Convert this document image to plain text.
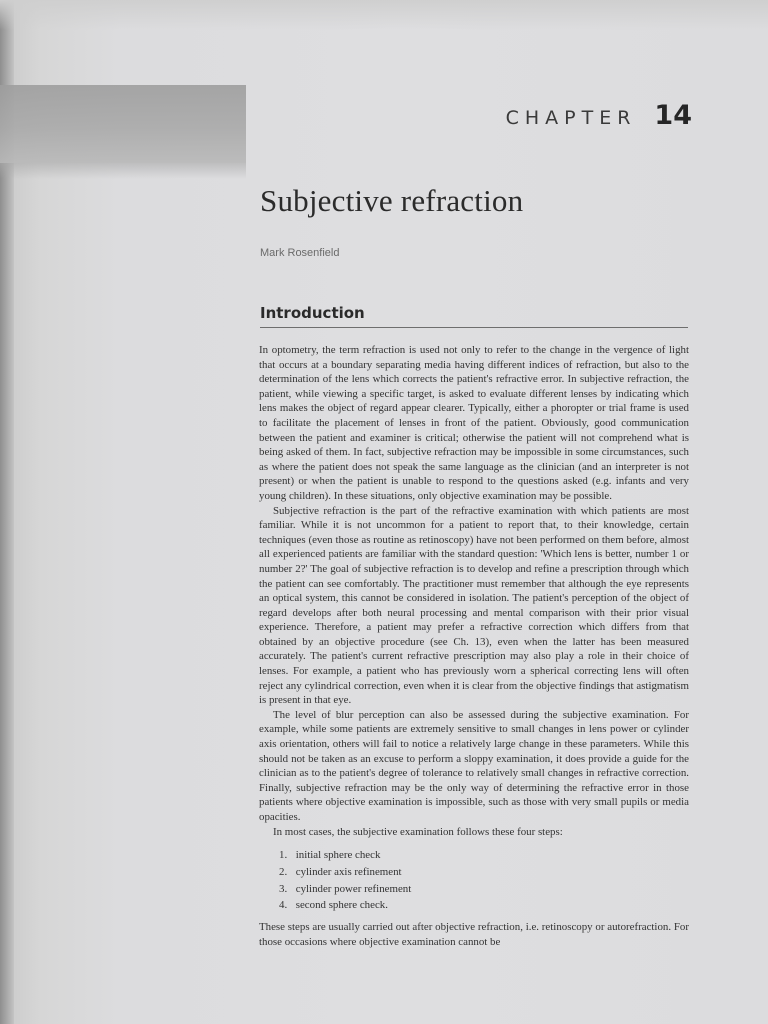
CHAPTER 14
Subjective refraction
Mark Rosenfield
Introduction

In optometry, the term refraction is used not only to refer to the change in the vergence of light that occurs at a boundary separating media having different indices of refraction, but also to the determination of the lens which corrects the patient's refractive error. In subjective refraction, the patient, while viewing a specific target, is asked to evaluate different lenses by indicating which lens makes the object of regard appear clearer. Typically, either a phoropter or trial frame is used to facilitate the placement of lenses in front of the patient. Obviously, good communication between the patient and examiner is critical; otherwise the patient will not comprehend what is being asked of them. In fact, subjective refraction may be impossible in some circumstances, such as where the patient does not speak the same language as the clinician (and an interpreter is not present) or when the patient is unable to respond to the questions asked (e.g. infants and very young children). In these situations, only objective examination may be possible.

Subjective refraction is the part of the refractive examination with which patients are most familiar. While it is not uncommon for a patient to report that, to their knowledge, certain techniques (even those as routine as retinoscopy) have not been performed on them before, almost all experienced patients are familiar with the standard question: 'Which lens is better, number 1 or number 2?' The goal of subjective refraction is to develop and refine a prescription through which the patient can see comfortably. The practitioner must remember that although the eye represents an optical system, this cannot be considered in isolation. The patient's perception of the object of regard develops after both neural processing and mental comparison with their prior visual experience. Therefore, a patient may prefer a refractive correction which differs from that obtained by an objective procedure (see Ch. 13), even when the latter has been measured accurately. The patient's current refractive prescription may also play a role in their choice of lenses. For example, a patient who has previously worn a spherical correcting lens will often reject any cylindrical correction, even when it is clear from the objective findings that astigmatism is present in that eye.

The level of blur perception can also be assessed during the subjective examination. For example, while some patients are extremely sensitive to small changes in lens power or cylinder axis orientation, others will fail to notice a relatively large change in these parameters. While this should not be taken as an excuse to perform a sloppy examination, it does provide a guide for the clinician as to the patient's degree of tolerance to relatively small changes in refractive correction. Finally, subjective refraction may be the only way of determining the refractive error in those patients where objective examination is impossible, such as those with very small pupils or media opacities.

In most cases, the subjective examination follows these four steps:

1. initial sphere check
2. cylinder axis refinement
3. cylinder power refinement
4. second sphere check.

These steps are usually carried out after objective refraction, i.e. retinoscopy or autorefraction. For those occasions where objective examination cannot be
